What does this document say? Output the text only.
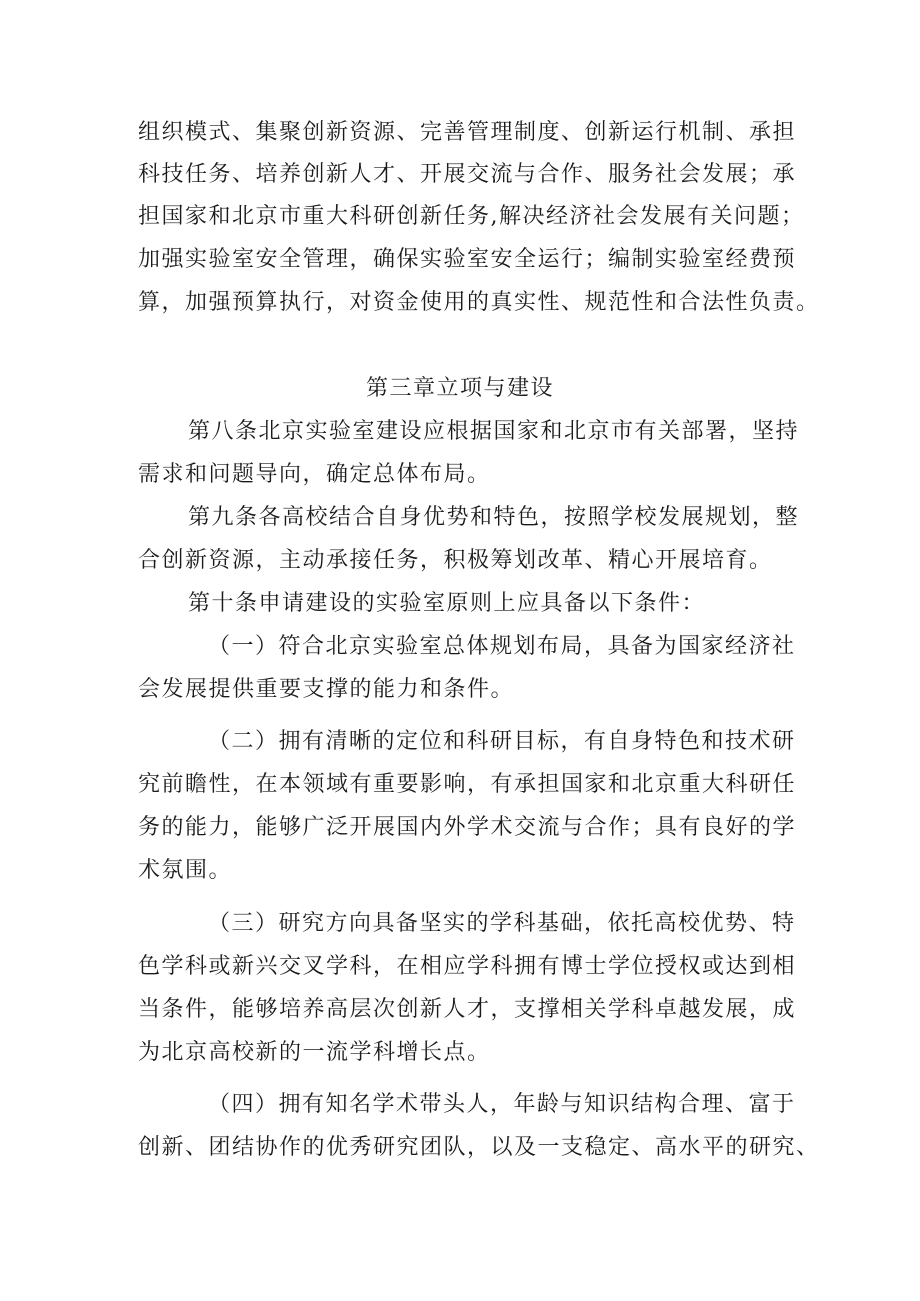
组织模式、集聚创新资源、完善管理制度、创新运行机制、承担
科技任务、培养创新人才、开展交流与合作、服务社会发展；承
担国家和北京市重大科研创新任务,解决经济社会发展有关问题；
加强实验室安全管理，确保实验室安全运行；编制实验室经费预
算，加强预算执行，对资金使用的真实性、规范性和合法性负责。
第三章立项与建设
第八条北京实验室建设应根据国家和北京市有关部署，坚持
需求和问题导向，确定总体布局。
第九条各高校结合自身优势和特色，按照学校发展规划，整
合创新资源，主动承接任务，积极筹划改革、精心开展培育。
第十条申请建设的实验室原则上应具备以下条件：
（一）符合北京实验室总体规划布局，具备为国家经济社
会发展提供重要支撑的能力和条件。
（二）拥有清晰的定位和科研目标，有自身特色和技术研
究前瞻性，在本领域有重要影响，有承担国家和北京重大科研任
务的能力，能够广泛开展国内外学术交流与合作；具有良好的学
术氛围。
（三）研究方向具备坚实的学科基础，依托高校优势、特
色学科或新兴交叉学科，在相应学科拥有博士学位授权或达到相
当条件，能够培养高层次创新人才，支撑相关学科卓越发展，成
为北京高校新的一流学科增长点。
（四）拥有知名学术带头人，年龄与知识结构合理、富于
创新、团结协作的优秀研究团队，以及一支稳定、高水平的研究、
